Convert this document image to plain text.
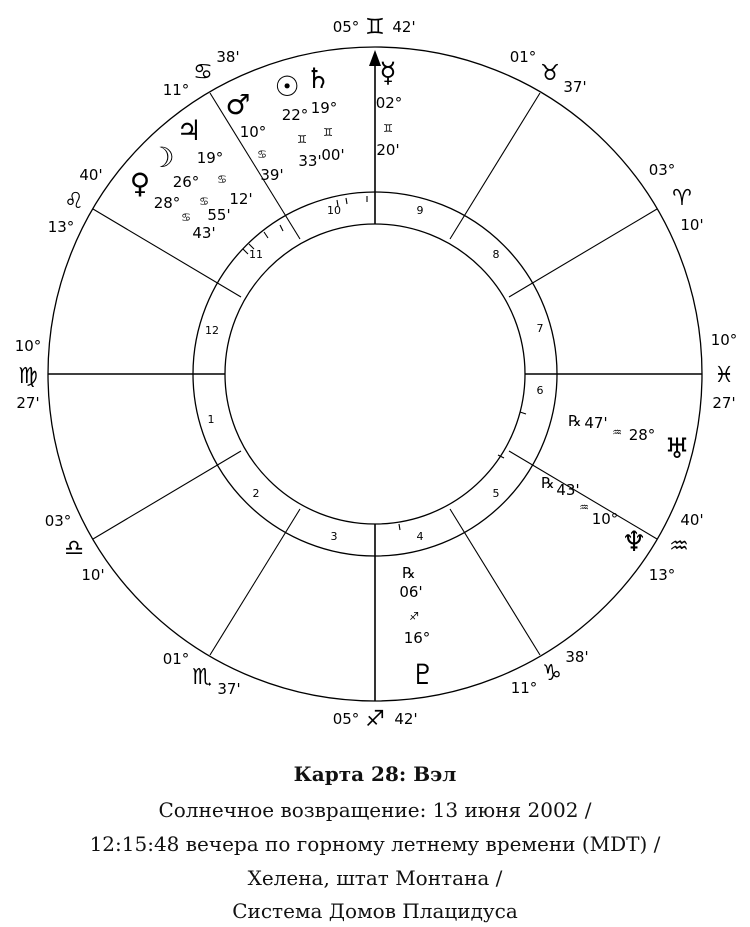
1
2
3	4
5
6
7
8
9
10
11
12
05° ♊ 42'
01°
♉
37'
03°
♈
10'
10°
♓
27'
40'
♒
13°
38'
♑
11°
05° ♐ 42'
01°
♏ 37'
03°
♎
10'
10°
♍
27'
40'
♌
13°
38'
♋
11° ♂
10°
♋
39'
☉
22°
♊
33'
♄
19°
♊
00'
☿
02°
♊
20'
♃
19°
♋
12'
☽
26°
♋
55'
♀
28°
♋
43'
℞ 47'
♒ 28° ♅
℞ 43'
♒
10°
♆
℞
06'
♐
16°
♇
Карта 28: Вэл
Солнечное возвращение: 13 июня 2002 /
12:15:48 вечера по горному летнему времени (MDT) /
Хелена, штат Монтана /
Система Домов Плацидуса
